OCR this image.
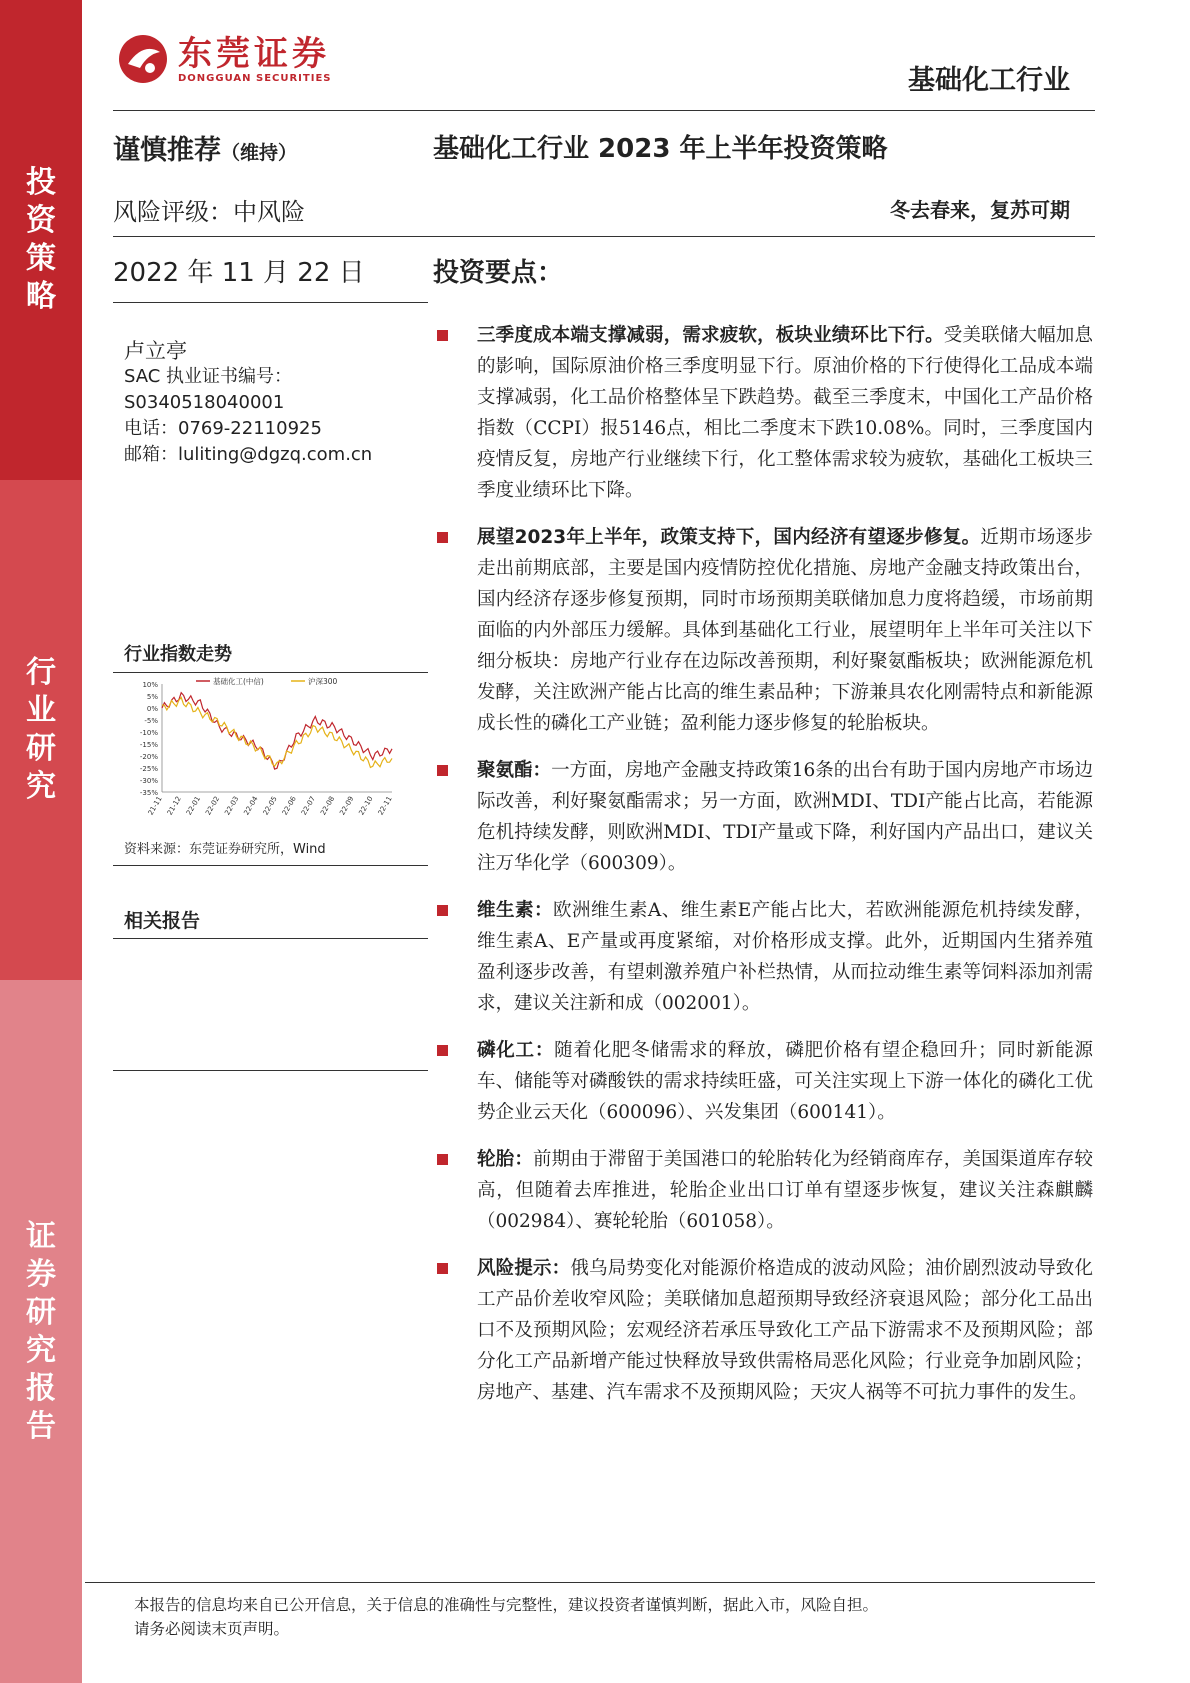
投
资
策
略
行
业
研
究
证
券
研
究
报
告
东莞证券
DONGGUAN SECURITIES	基础化工行业
谨慎推荐（维持）
风险评级：中风险
2022 年 11 月 22 日
基础化工行业 2023 年上半年投资策略
冬去春来，复苏可期
投资要点：
卢立亭
SAC 执业证书编号：
S0340518040001
电话：0769-22110925
邮箱：luliting@dgzq.com.cn
行业指数走势
10%
5%
0%
-5%
-10%
-15%
-20%
-25%
-30%
-35%
21-11 21-12 22-01 22-02 22-03 22-04 22-05 22-06 22-07 22-08 22-09 22-10 22-11
基础化工(中信)	沪深300
资料来源：东莞证券研究所，Wind
相关报告
三季度成本端支撑减弱，需求疲软，板块业绩环比下行。受美联储大幅加息的影响，国际原油价格三季度明显下行。原油价格的下行使得化工品成本端支撑减弱，化工品价格整体呈下跌趋势。截至三季度末，中国化工产品价格指数（CCPI）报5146点，相比二季度末下跌10.08%。同时，三季度国内疫情反复，房地产行业继续下行，化工整体需求较为疲软，基础化工板块三季度业绩环比下降。
展望2023年上半年，政策支持下，国内经济有望逐步修复。近期市场逐步走出前期底部，主要是国内疫情防控优化措施、房地产金融支持政策出台，国内经济存逐步修复预期，同时市场预期美联储加息力度将趋缓，市场前期面临的内外部压力缓解。具体到基础化工行业，展望明年上半年可关注以下细分板块：房地产行业存在边际改善预期，利好聚氨酯板块；欧洲能源危机发酵，关注欧洲产能占比高的维生素品种；下游兼具农化刚需特点和新能源成长性的磷化工产业链；盈利能力逐步修复的轮胎板块。
聚氨酯：一方面，房地产金融支持政策16条的出台有助于国内房地产市场边际改善，利好聚氨酯需求；另一方面，欧洲MDI、TDI产能占比高，若能源危机持续发酵，则欧洲MDI、TDI产量或下降，利好国内产品出口，建议关注万华化学（600309）。
维生素：欧洲维生素A、维生素E产能占比大，若欧洲能源危机持续发酵，维生素A、E产量或再度紧缩，对价格形成支撑。此外，近期国内生猪养殖盈利逐步改善，有望刺激养殖户补栏热情，从而拉动维生素等饲料添加剂需求，建议关注新和成（002001）。
磷化工：随着化肥冬储需求的释放，磷肥价格有望企稳回升；同时新能源车、储能等对磷酸铁的需求持续旺盛，可关注实现上下游一体化的磷化工优势企业云天化（600096）、兴发集团（600141）。
轮胎：前期由于滞留于美国港口的轮胎转化为经销商库存，美国渠道库存较高，但随着去库推进，轮胎企业出口订单有望逐步恢复，建议关注森麒麟（002984）、赛轮轮胎（601058）。
风险提示：俄乌局势变化对能源价格造成的波动风险；油价剧烈波动导致化工产品价差收窄风险；美联储加息超预期导致经济衰退风险；部分化工品出口不及预期风险；宏观经济若承压导致化工产品下游需求不及预期风险；部分化工产品新增产能过快释放导致供需格局恶化风险；行业竞争加剧风险；房地产、基建、汽车需求不及预期风险；天灾人祸等不可抗力事件的发生。
本报告的信息均来自已公开信息，关于信息的准确性与完整性，建议投资者谨慎判断，据此入市，风险自担。
请务必阅读末页声明。
